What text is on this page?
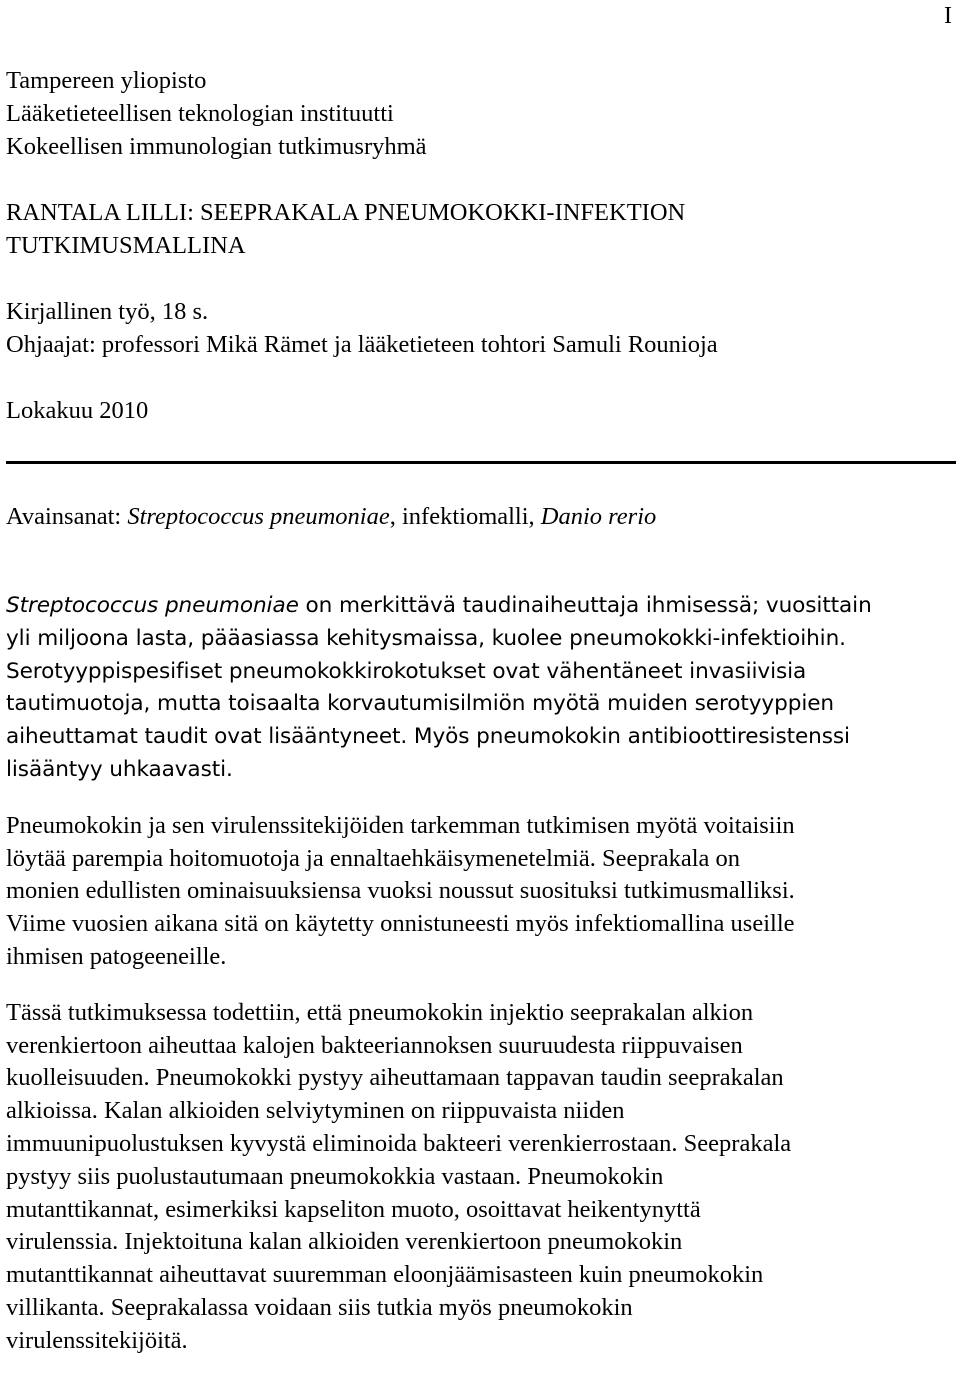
I

Tampereen yliopisto

Lääketieteellisen teknologian instituutti

Kokeellisen immunologian tutkimusryhmä

RANTALA LILLI: SEEPRAKALA PNEUMOKOKKI-INFEKTION

TUTKIMUSMALLINA

Kirjallinen työ, 18 s.

Ohjaajat: professori Mikä Rämet ja lääketieteen tohtori Samuli Rounioja

Lokakuu 2010

Avainsanat: Streptococcus pneumoniae, infektiomalli, Danio rerio

Streptococcus pneumoniae on merkittävä taudinaiheuttaja ihmisessä; vuosittain
yli miljoona lasta, pääasiassa kehitysmaissa, kuolee pneumokokki-infektioihin.
Serotyyppispesifiset pneumokokkirokotukset ovat vähentäneet invasiivisia
tautimuotoja, mutta toisaalta korvautumisilmiön myötä muiden serotyyppien
aiheuttamat taudit ovat lisääntyneet. Myös pneumokokin antibioottiresistenssi
lisääntyy uhkaavasti.

Pneumokokin ja sen virulenssitekijöiden tarkemman tutkimisen myötä voitaisiin
löytää parempia hoitomuotoja ja ennaltaehkäisymenetelmiä. Seeprakala on
monien edullisten ominaisuuksiensa vuoksi noussut suosituksi tutkimusmalliksi.
Viime vuosien aikana sitä on käytetty onnistuneesti myös infektiomallina useille
ihmisen patogeeneille.

Tässä tutkimuksessa todettiin, että pneumokokin injektio seeprakalan alkion
verenkiertoon aiheuttaa kalojen bakteeriannoksen suuruudesta riippuvaisen
kuolleisuuden. Pneumokokki pystyy aiheuttamaan tappavan taudin seeprakalan
alkioissa. Kalan alkioiden selviytyminen on riippuvaista niiden
immuunipuolustuksen kyvystä eliminoida bakteeri verenkierrostaan. Seeprakala
pystyy siis puolustautumaan pneumokokkia vastaan. Pneumokokin
mutanttikannat, esimerkiksi kapseliton muoto, osoittavat heikentynyttä
virulenssia. Injektoituna kalan alkioiden verenkiertoon pneumokokin
mutanttikannat aiheuttavat suuremman eloonjäämisasteen kuin pneumokokin
villikanta. Seeprakalassa voidaan siis tutkia myös pneumokokin
virulenssitekijöitä.
